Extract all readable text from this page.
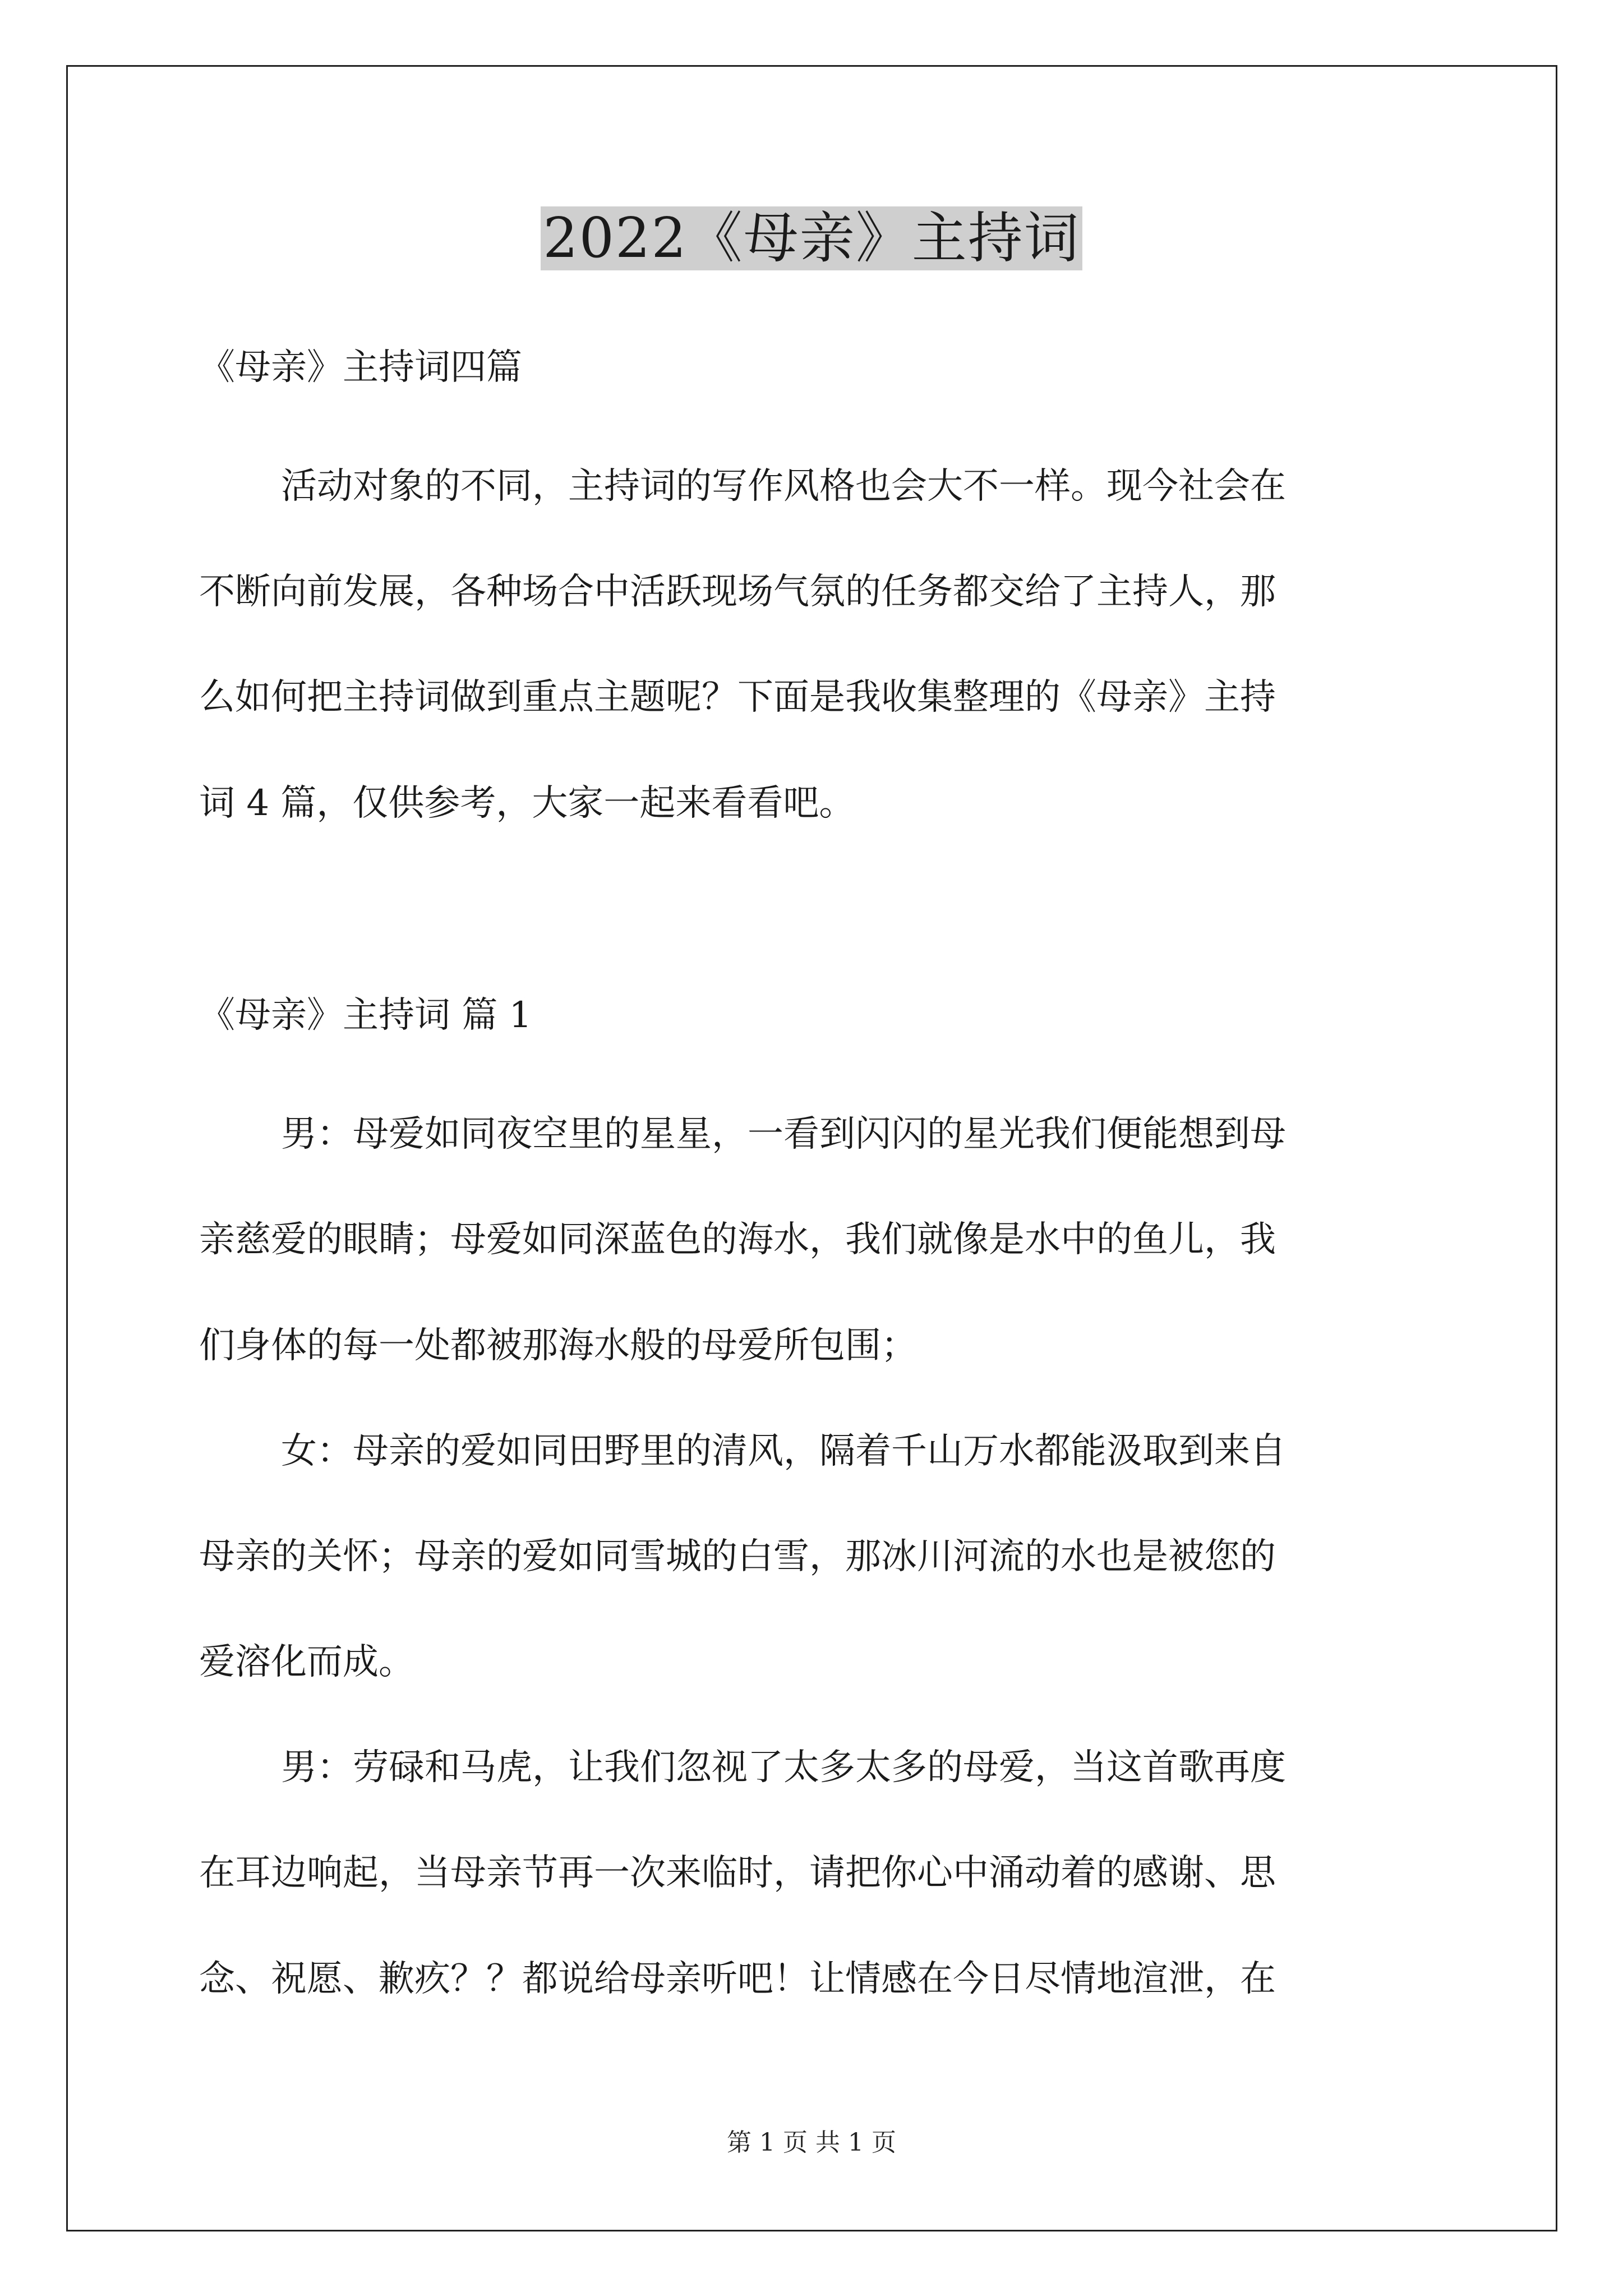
2022《母亲》主持词
《母亲》主持词四篇
活动对象的不同，主持词的写作风格也会大不一样。现今社会在
不断向前发展，各种场合中活跃现场气氛的任务都交给了主持人，那
么如何把主持词做到重点主题呢？下面是我收集整理的《母亲》主持
词 4 篇，仅供参考，大家一起来看看吧。
《母亲》主持词 篇 1
男：母爱如同夜空里的星星，一看到闪闪的星光我们便能想到母
亲慈爱的眼睛；母爱如同深蓝色的海水，我们就像是水中的鱼儿，我
们身体的每一处都被那海水般的母爱所包围；
女：母亲的爱如同田野里的清风，隔着千山万水都能汲取到来自
母亲的关怀；母亲的爱如同雪城的白雪，那冰川河流的水也是被您的
爱溶化而成。
男：劳碌和马虎，让我们忽视了太多太多的母爱，当这首歌再度
在耳边响起，当母亲节再一次来临时，请把你心中涌动着的感谢、思
念、祝愿、歉疚？？都说给母亲听吧！让情感在今日尽情地渲泄，在
第 1 页 共 1 页
